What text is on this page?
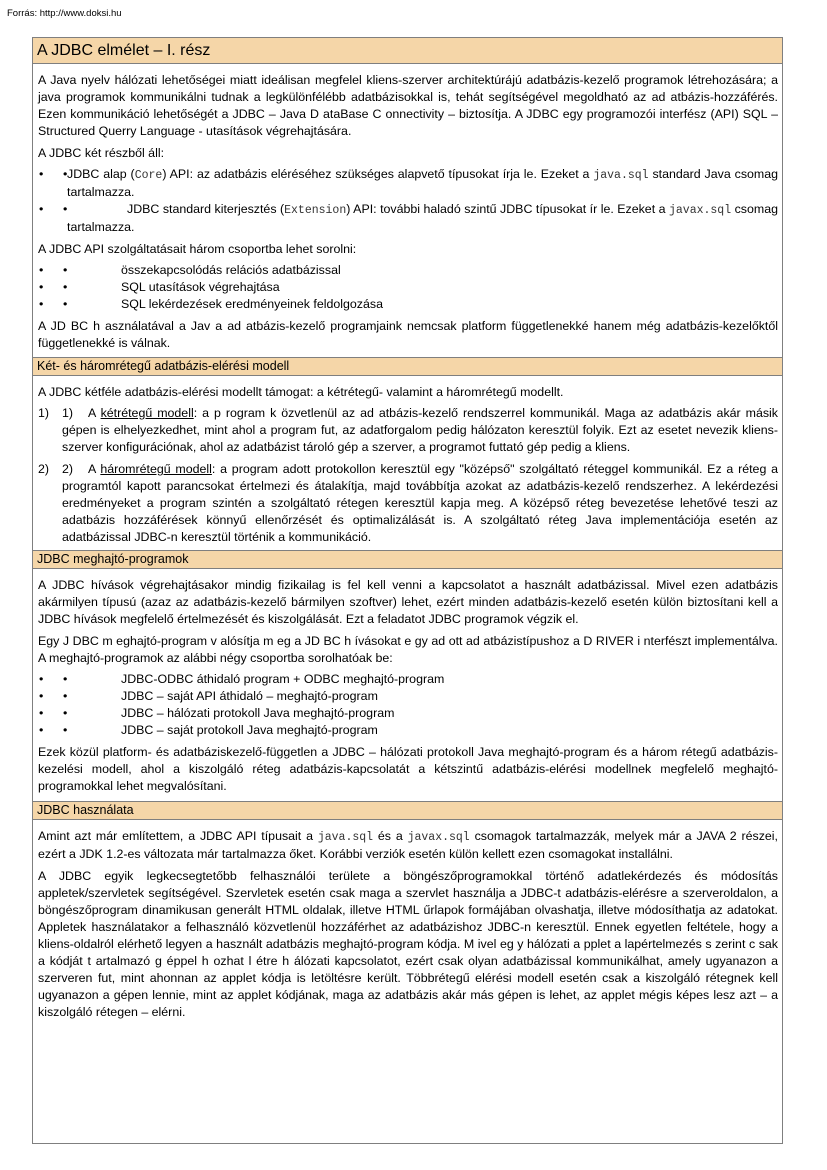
Forrás: http://www.doksi.hu
A JDBC elmélet – I. rész

A Java nyelv hálózati lehetőségei miatt ideálisan megfelel kliens-szerver architektúrájú adatbázis-kezelő programok létrehozására; a java programok kommunikálni tudnak a legkülönfélébb adatbázisokkal is, tehát segítségével megoldható az ad atbázis-hozzáférés. Ezen kommunikáció lehetőségét a JDBC – Java D ataBase C onnectivity – biztosítja. A JDBC egy programozói interfész (API) SQL – Structured Querry Language - utasítások végrehajtására.

A JDBC két részből áll:

• • JDBC alap (Core) API: az adatbázis eléréséhez szükséges alapvető típusokat írja le. Ezeket a java.sql standard Java csomag tartalmazza.
• •	JDBC standard kiterjesztés (Extension) API: további haladó szintű JDBC típusokat ír le. Ezeket a javax.sql csomag tartalmazza.

A JDBC API szolgáltatásait három csoportba lehet sorolni:

• •	összekapcsolódás relációs adatbázissal
• •	SQL utasítások végrehajtása
• •	SQL lekérdezések eredményeinek feldolgozása

A JD BC h asználatával a Jav a ad atbázis-kezelő programjaink nemcsak platform függetlenekké hanem még adatbázis-kezelőktől függetlenekké is válnak.

Két- és háromrétegű adatbázis-elérési modell

A JDBC kétféle adatbázis-elérési modellt támogat: a kétrétegű- valamint a háromrétegű modellt.

1) 1) A kétrétegű modell: a p rogram k özvetlenül az ad atbázis-kezelő rendszerrel kommunikál. Maga az adatbázis akár másik gépen is elhelyezkedhet, mint ahol a program fut, az adatforgalom pedig hálózaton keresztül folyik. Ezt az esetet nevezik kliens-szerver konfigurációnak, ahol az adatbázist tároló gép a szerver, a programot futtató gép pedig a kliens.
2) 2) A háromrétegű modell: a program adott protokollon keresztül egy "középső" szolgáltató réteggel kommunikál. Ez a réteg a programtól kapott parancsokat értelmezi és átalakítja, majd továbbítja azokat az adatbázis-kezelő rendszerhez. A lekérdezési eredményeket a program szintén a szolgáltató rétegen keresztül kapja meg. A középső réteg bevezetése lehetővé teszi az adatbázis hozzáférések könnyű ellenőrzését és optimalizálását is. A szolgáltató réteg Java implementációja esetén az adatbázissal JDBC-n keresztül történik a kommunikáció.
JDBC meghajtó-programok

A JDBC hívások végrehajtásakor mindig fizikailag is fel kell venni a kapcsolatot a használt adatbázissal. Mivel ezen adatbázis akármilyen típusú (azaz az adatbázis-kezelő bármilyen szoftver) lehet, ezért minden adatbázis-kezelő esetén külön biztosítani kell a JDBC hívások megfelelő értelmezését és kiszolgálását. Ezt a feladatot JDBC programok végzik el.

Egy J DBC m eghajtó-program v alósítja m eg a JD BC h ívásokat e gy ad ott ad atbázistípushoz a D RIVER i nterfészt implementálva. A meghajtó-programok az alábbi négy csoportba sorolhatóak be:

• •	JDBC-ODBC áthidaló program + ODBC meghajtó-program
• •	JDBC – saját API áthidaló – meghajtó-program
• •	JDBC – hálózati protokoll Java meghajtó-program
• •	JDBC – saját protokoll Java meghajtó-program

Ezek közül platform- és adatbáziskezelő-független a JDBC – hálózati protokoll Java meghajtó-program és a három rétegű adatbázis-kezelési modell, ahol a kiszolgáló réteg adatbázis-kapcsolatát a kétszintű adatbázis-elérési modellnek megfelelő meghajtó-programokkal lehet megvalósítani.

JDBC használata

Amint azt már említettem, a JDBC API típusait a java.sql és a javax.sql csomagok tartalmazzák, melyek már a JAVA 2 részei, ezért a JDK 1.2-es változata már tartalmazza őket. Korábbi verziók esetén külön kellett ezen csomagokat installálni.

A JDBC egyik legkecsegtetőbb felhasználói területe a böngészőprogramokkal történő adatlekérdezés és módosítás appletek/szervletek segítségével. Szervletek esetén csak maga a szervlet használja a JDBC-t adatbázis-elérésre a szerveroldalon, a böngészőprogram dinamikusan generált HTML oldalak, illetve HTML űrlapok formájában olvashatja, illetve módosíthatja az adatokat. Appletek használatakor a felhasználó közvetlenül hozzáférhet az adatbázishoz JDBC-n keresztül. Ennek egyetlen feltétele, hogy a kliens-oldalról elérhető legyen a használt adatbázis meghajtó-program kódja. M ivel eg y hálózati a pplet a lapértelmezés s zerint c sak a kódját t artalmazó g éppel h ozhat l étre h álózati kapcsolatot, ezért csak olyan adatbázissal kommunikálhat, amely ugyanazon a szerveren fut, mint ahonnan az applet kódja is letöltésre került. Többrétegű elérési modell esetén csak a kiszolgáló rétegnek kell ugyanazon a gépen lennie, mint az applet kódjának, maga az adatbázis akár más gépen is lehet, az applet mégis képes lesz azt – a kiszolgáló rétegen – elérni.
